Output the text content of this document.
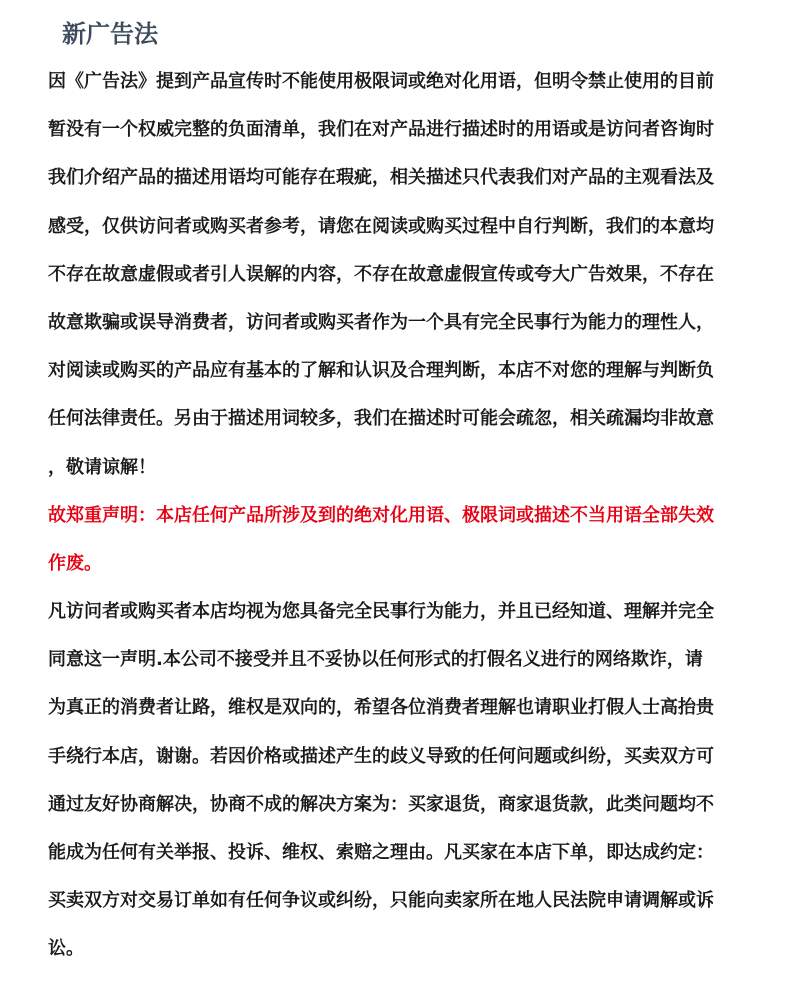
新广告法
因《广告法》提到产品宣传时不能使用极限词或绝对化用语，但明令禁止使用的目前
暂没有一个权威完整的负面清单，我们在对产品进行描述时的用语或是访问者咨询时
我们介绍产品的描述用语均可能存在瑕疵，相关描述只代表我们对产品的主观看法及
感受，仅供访问者或购买者参考，请您在阅读或购买过程中自行判断，我们的本意均
不存在故意虚假或者引人误解的内容，不存在故意虚假宣传或夸大广告效果，不存在
故意欺骗或误导消费者，访问者或购买者作为一个具有完全民事行为能力的理性人，
对阅读或购买的产品应有基本的了解和认识及合理判断，本店不对您的理解与判断负
任何法律责任。另由于描述用词较多，我们在描述时可能会疏忽，相关疏漏均非故意
，敬请谅解！
故郑重声明：本店任何产品所涉及到的绝对化用语、极限词或描述不当用语全部失效
作废。
凡访问者或购买者本店均视为您具备完全民事行为能力，并且已经知道、理解并完全
同意这一声明.本公司不接受并且不妥协以任何形式的打假名义进行的网络欺诈，请
为真正的消费者让路，维权是双向的，希望各位消费者理解也请职业打假人士高抬贵
手绕行本店，谢谢。若因价格或描述产生的歧义导致的任何问题或纠纷，买卖双方可
通过友好协商解决，协商不成的解决方案为：买家退货，商家退货款，此类问题均不
能成为任何有关举报、投诉、维权、索赔之理由。凡买家在本店下单，即达成约定：
买卖双方对交易订单如有任何争议或纠纷，只能向卖家所在地人民法院申请调解或诉
讼。
